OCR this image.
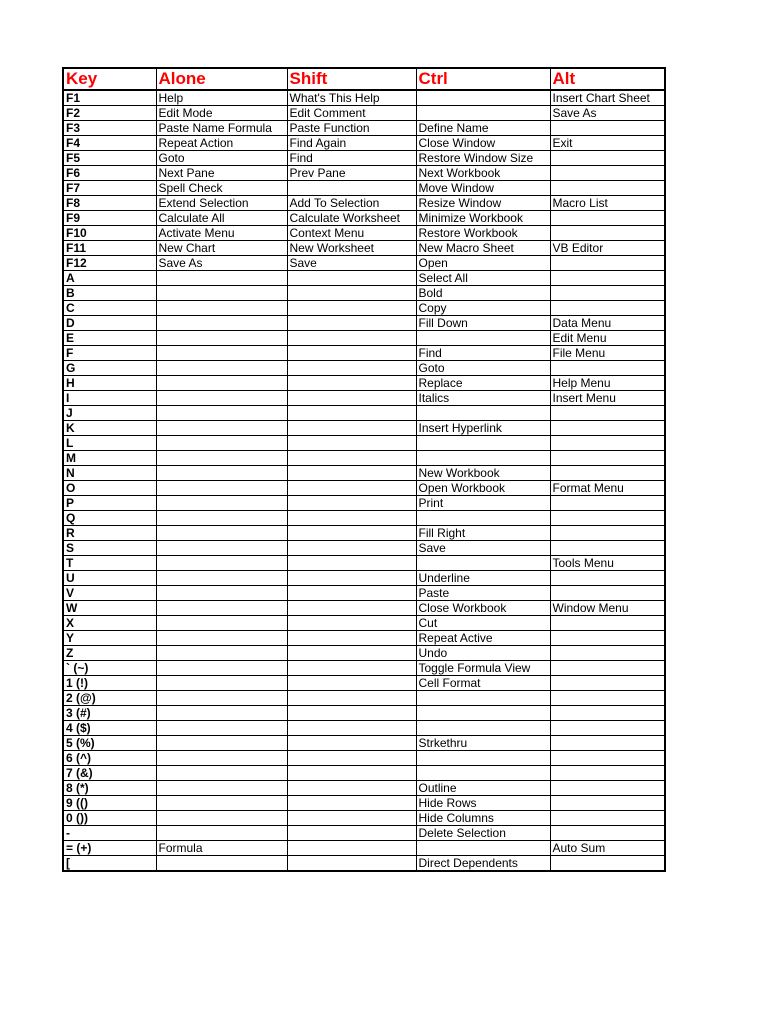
Key	Alone	Shift	Ctrl	Alt
F1	Help	What's This Help		Insert Chart Sheet
F2	Edit Mode	Edit Comment		Save As
F3	Paste Name Formula	Paste Function	Define Name	
F4	Repeat Action	Find Again	Close Window	Exit
F5	Goto	Find	Restore Window Size	
F6	Next Pane	Prev Pane	Next Workbook	
F7	Spell Check		Move Window	
F8	Extend Selection	Add To Selection	Resize Window	Macro List
F9	Calculate All	Calculate Worksheet	Minimize Workbook	
F10	Activate Menu	Context Menu	Restore Workbook	
F11	New Chart	New Worksheet	New Macro Sheet	VB Editor
F12	Save As	Save	Open	
A			Select All	
B			Bold	
C			Copy	
D			Fill Down	Data Menu
E				Edit Menu
F			Find	File Menu
G			Goto	
H			Replace	Help Menu
I			Italics	Insert Menu
J				
K			Insert Hyperlink	
L				
M				
N			New Workbook	
O			Open Workbook	Format Menu
P			Print	
Q				
R			Fill Right	
S			Save	
T				Tools Menu
U			Underline	
V			Paste	
W			Close Workbook	Window Menu
X			Cut	
Y			Repeat Active	
Z			Undo	
` (~)			Toggle Formula View	
1 (!)			Cell Format	
2 (@)				
3 (#)				
4 ($)				
5 (%)			Strkethru	
6 (^)				
7 (&)				
8 (*)			Outline	
9 (()			Hide Rows	
0 ())			Hide Columns	
-			Delete Selection	
= (+)	Formula			Auto Sum
[			Direct Dependents	
